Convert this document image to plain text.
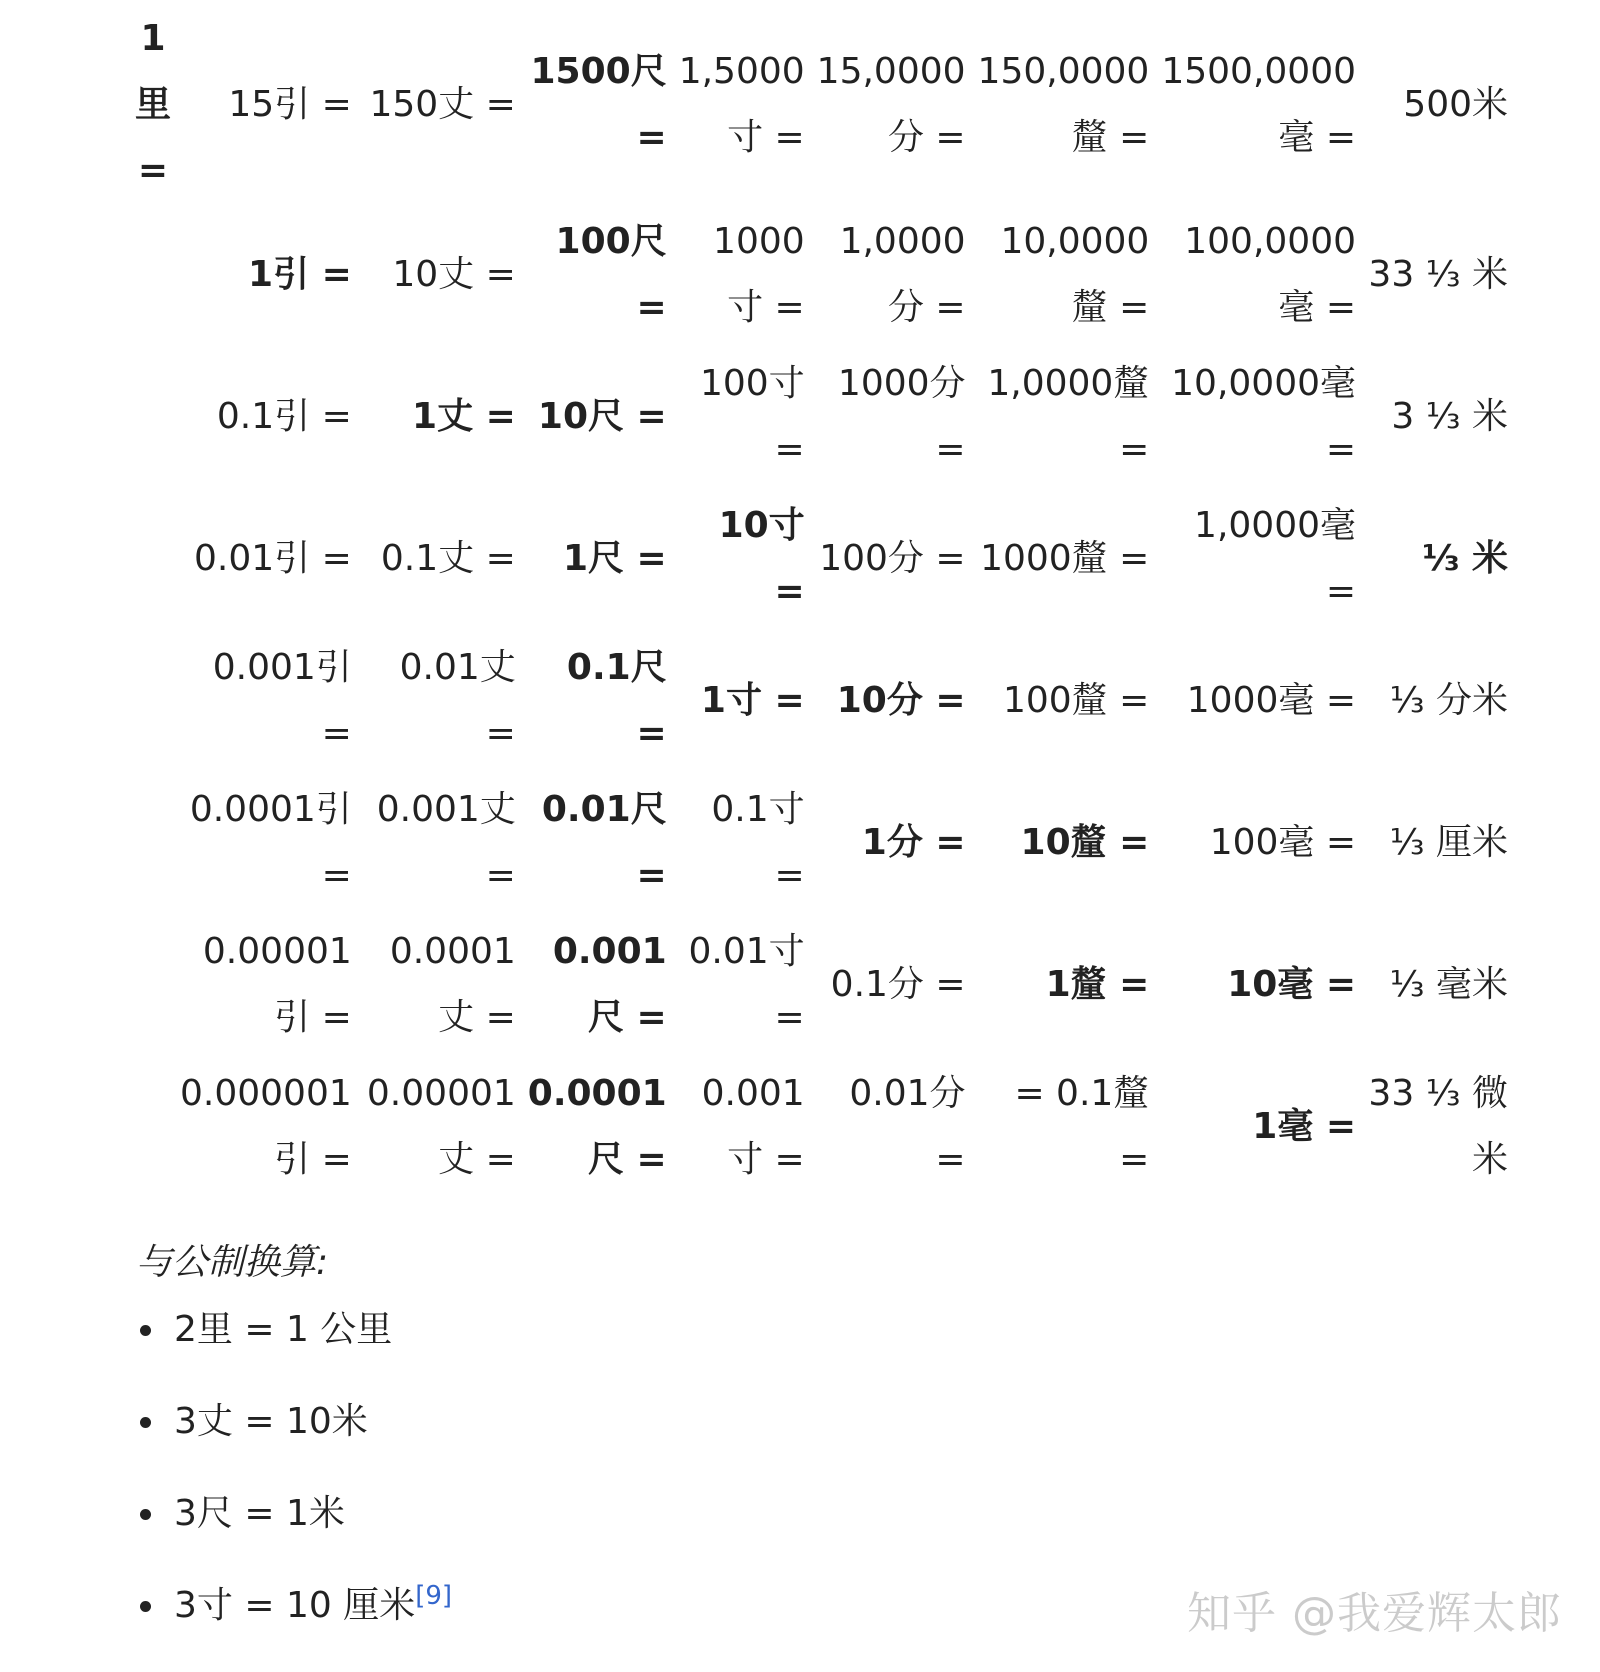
1里 =	15引 =	150丈 =	1500尺 =	1,5000寸 =	15,0000分 =	150,0000釐 =	1500,0000毫 =	500米
	1引 =	10丈 =	100尺 =	1000寸 =	1,0000分 =	10,0000釐 =	100,0000毫 =	33 ⅓ 米
	0.1引 =	1丈 =	10尺 =	100寸 =	1000分 =	1,0000釐 =	10,0000毫 =	3 ⅓ 米
	0.01引 =	0.1丈 =	1尺 =	10寸 =	100分 =	1000釐 =	1,0000毫 =	⅓ 米
	0.001引 =	0.01丈 =	0.1尺 =	1寸 =	10分 =	100釐 =	1000毫 =	⅓ 分米
	0.0001引 =	0.001丈 =	0.01尺 =	0.1寸 =	1分 =	10釐 =	100毫 =	⅓ 厘米
	0.00001引 =	0.0001丈 =	0.001尺 =	0.01寸 =	0.1分 =	1釐 =	10毫 =	⅓ 毫米
	0.000001引 =	0.00001丈 =	0.0001尺 =	0.001寸 =	0.01分 =	= 0.1釐 =	1毫 =	33 ⅓ 微米
与公制换算:
2里 = 1 公里
3丈 = 10米
3尺 = 1米
3寸 = 10 厘米[9]	知乎 @我爱辉太郎
